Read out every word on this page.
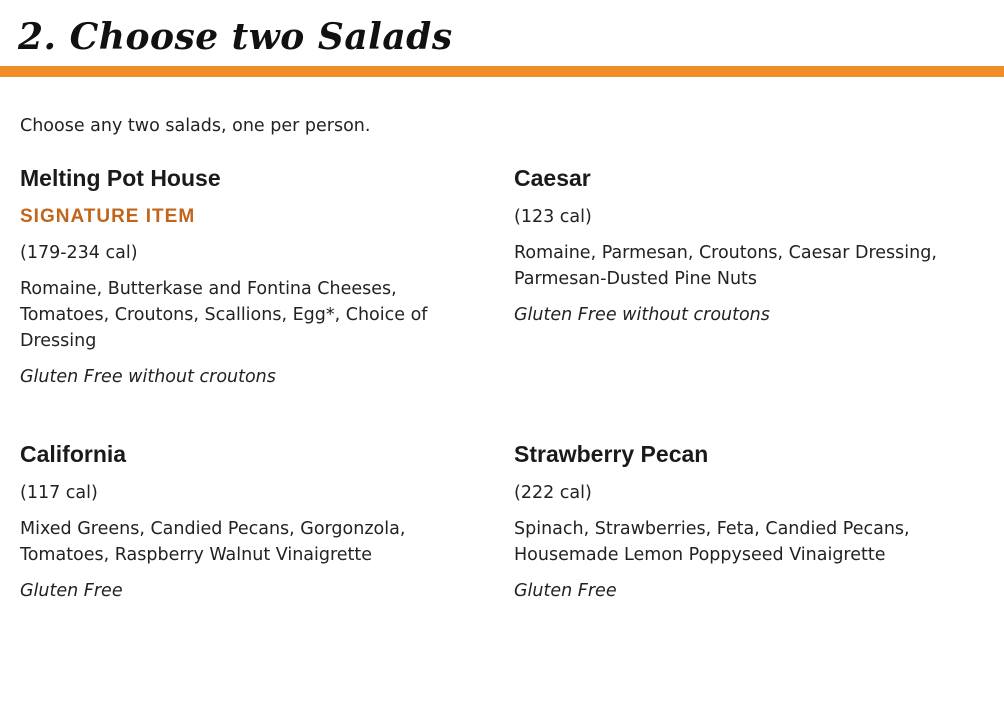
2. Choose two Salads

Choose any two salads, one per person.

Melting Pot House
SIGNATURE ITEM
(179-234 cal)
Romaine, Butterkase and Fontina Cheeses, Tomatoes, Croutons, Scallions, Egg*, Choice of Dressing
Gluten Free without croutons
Caesar
(123 cal)
Romaine, Parmesan, Croutons, Caesar Dressing, Parmesan-Dusted Pine Nuts
Gluten Free without croutons
California
(117 cal)
Mixed Greens, Candied Pecans, Gorgonzola, Tomatoes, Raspberry Walnut Vinaigrette
Gluten Free
Strawberry Pecan
(222 cal)
Spinach, Strawberries, Feta, Candied Pecans, Housemade Lemon Poppyseed Vinaigrette
Gluten Free
